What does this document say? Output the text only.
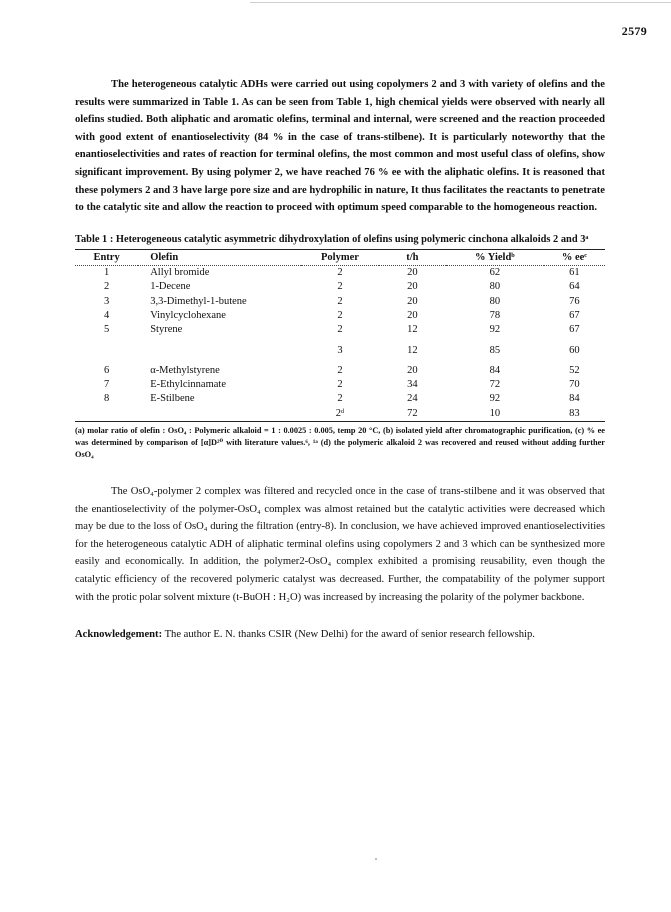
2579

The heterogeneous catalytic ADHs were carried out using copolymers 2 and 3 with variety of olefins and the results were summarized in Table 1. As can be seen from Table 1, high chemical yields were observed with nearly all olefins studied. Both aliphatic and aromatic olefins, terminal and internal, were screened and the reaction proceeded with good extent of enantioselectivity (84 % in the case of trans-stilbene). It is particularly noteworthy that the enantioselectivities and rates of reaction for terminal olefins, the most common and most useful class of olefins, show significant improvement. By using polymer 2, we have reached 76 % ee with the aliphatic olefins. It is reasoned that these polymers 2 and 3 have large pore size and are hydrophilic in nature, It thus facilitates the reactants to penetrate to the catalytic site and allow the reaction to proceed with optimum speed comparable to the homogeneous reaction.

Table 1 : Heterogeneous catalytic asymmetric dihydroxylation of olefins using polymeric cinchona alkaloids 2 and 3ᵃ
Entry	Olefin	Polymer	t/h	% Yieldᵇ	% eeᶜ
1	Allyl bromide	2	20	62	61
2	1-Decene	2	20	80	64
3	3,3-Dimethyl-1-butene	2	20	80	76
4	Vinylcyclohexane	2	20	78	67
5	Styrene	2	12	92	67
		3	12	85	60
6	α-Methylstyrene	2	20	84	52
7	E-Ethylcinnamate	2	34	72	70
8	E-Stilbene	2	24	92	84
		2ᵈ	72	10	83
(a) molar ratio of olefin : OsO₄ : Polymeric alkaloid = 1 : 0.0025 : 0.005, temp 20 °C, (b) isolated yield after chromatographic purification, (c) % ee was determined by comparison of [α]D²⁰ with literature values.⁶, ¹ᵃ (d) the polymeric alkaloid 2 was recovered and reused without adding further OsO₄

The OsO₄-polymer 2 complex was filtered and recycled once in the case of trans-stilbene and it was observed that the enantioselectivity of the polymer-OsO₄ complex was almost retained but the catalytic activities were decreased which may be due to the loss of OsO₄ during the filtration (entry-8). In conclusion, we have achieved improved enantioselectivities for the heterogeneous catalytic ADH of aliphatic terminal olefins using copolymers 2 and 3 which can be synthesized more easily and economically. In addition, the polymer2-OsO₄ complex exhibited a promising reusability, even though the catalytic efficiency of the recovered polymeric catalyst was decreased. Further, the compatability of the polymer support with the protic polar solvent mixture (t-BuOH : H₂O) was increased by increasing the polarity of the polymer backbone.

Acknowledgement: The author E. N. thanks CSIR (New Delhi) for the award of senior research fellowship.
